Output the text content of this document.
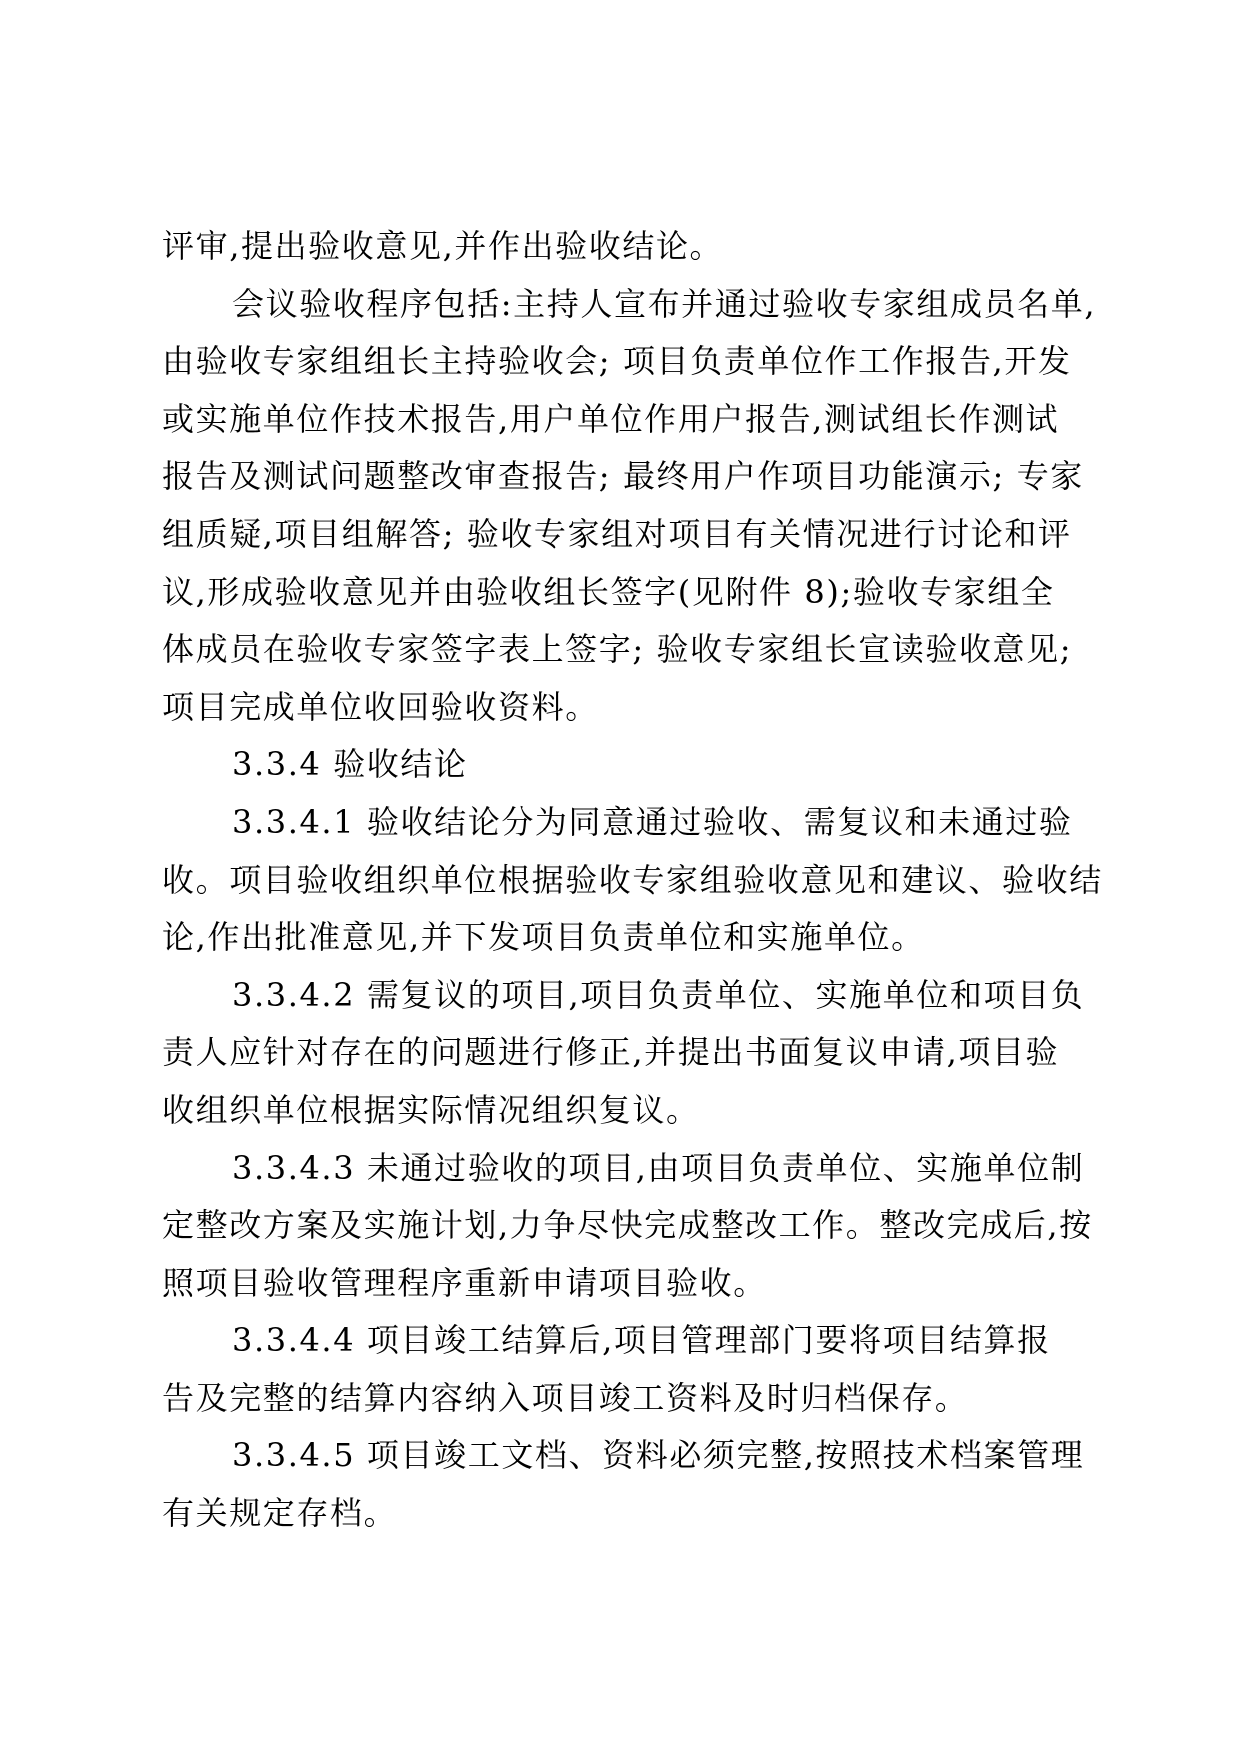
评审,提出验收意见,并作出验收结论。
会议验收程序包括:主持人宣布并通过验收专家组成员名单,
由验收专家组组长主持验收会; 项目负责单位作工作报告,开发
或实施单位作技术报告,用户单位作用户报告,测试组长作测试
报告及测试问题整改审查报告; 最终用户作项目功能演示; 专家
组质疑,项目组解答; 验收专家组对项目有关情况进行讨论和评
议,形成验收意见并由验收组长签字(见附件 8);验收专家组全
体成员在验收专家签字表上签字; 验收专家组长宣读验收意见;
项目完成单位收回验收资料。
3.3.4 验收结论
3.3.4.1 验收结论分为同意通过验收、需复议和未通过验
收。项目验收组织单位根据验收专家组验收意见和建议、验收结
论,作出批准意见,并下发项目负责单位和实施单位。
3.3.4.2 需复议的项目,项目负责单位、实施单位和项目负
责人应针对存在的问题进行修正,并提出书面复议申请,项目验
收组织单位根据实际情况组织复议。
3.3.4.3 未通过验收的项目,由项目负责单位、实施单位制
定整改方案及实施计划,力争尽快完成整改工作。整改完成后,按
照项目验收管理程序重新申请项目验收。
3.3.4.4 项目竣工结算后,项目管理部门要将项目结算报
告及完整的结算内容纳入项目竣工资料及时归档保存。
3.3.4.5 项目竣工文档、资料必须完整,按照技术档案管理
有关规定存档。
